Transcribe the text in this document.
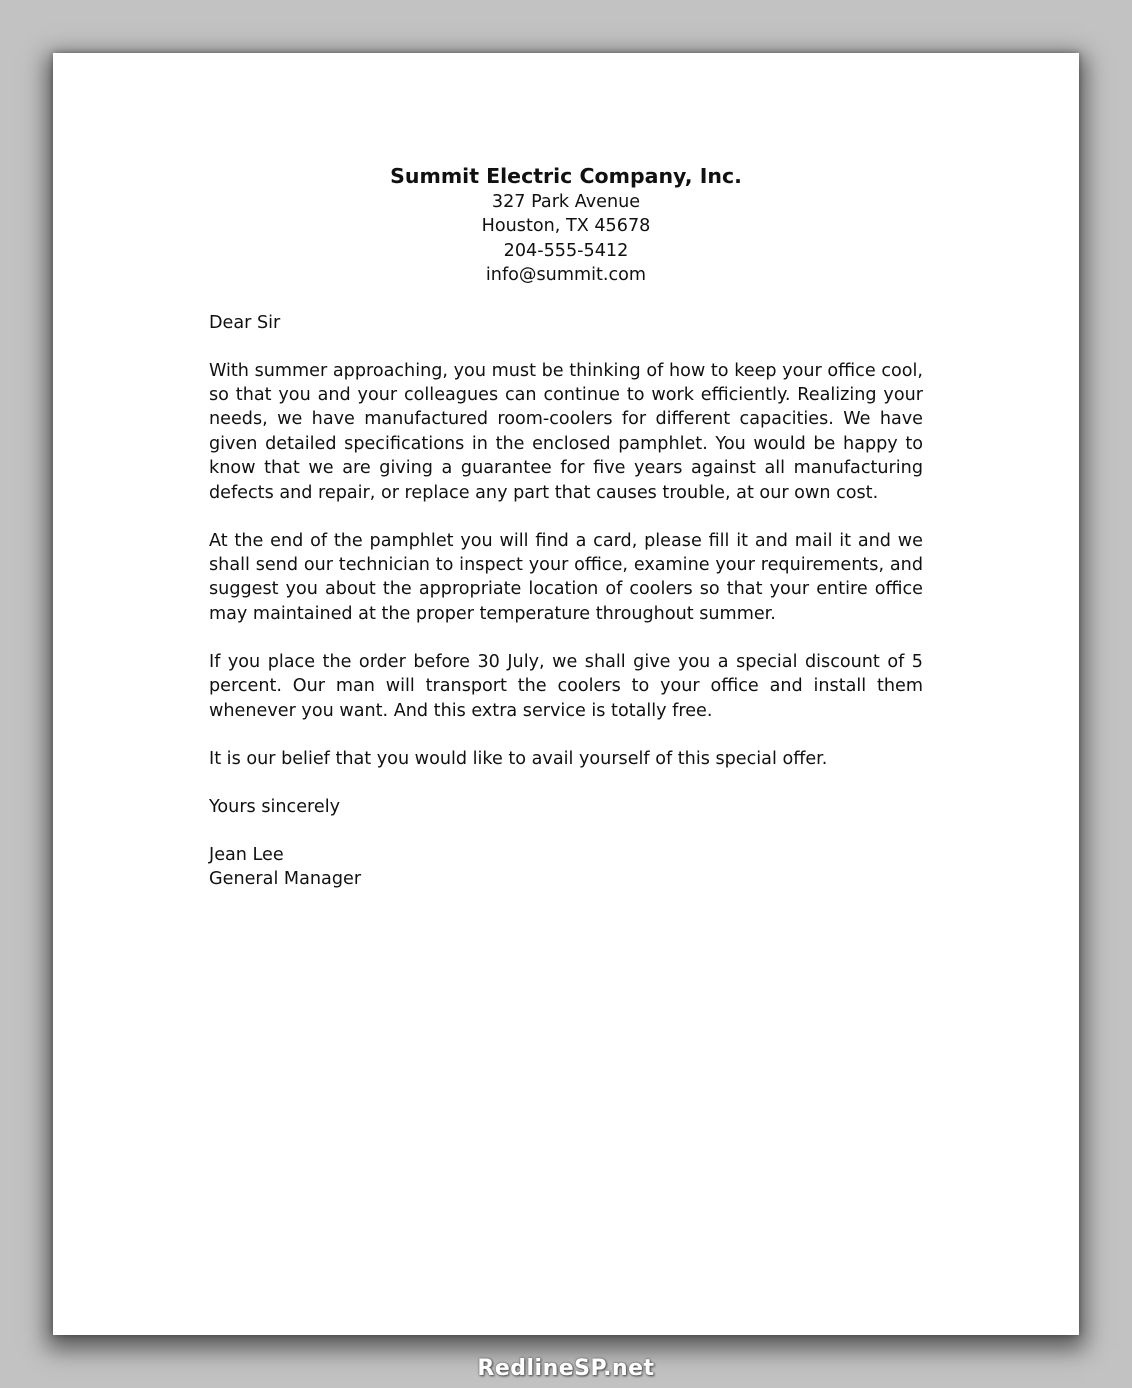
Summit Electric Company, Inc.
327 Park Avenue
Houston, TX 45678
204-555-5412
info@summit.com
Dear Sir

With summer approaching, you must be thinking of how to keep your office cool, so that you and your colleagues can continue to work efficiently. Realizing your needs, we have manufactured room-coolers for different capacities. We have given detailed specifications in the enclosed pamphlet. You would be happy to know that we are giving a guarantee for five years against all manufacturing defects and repair, or replace any part that causes trouble, at our own cost.

At the end of the pamphlet you will find a card, please fill it and mail it and we shall send our technician to inspect your office, examine your requirements, and suggest you about the appropriate location of coolers so that your entire office may maintained at the proper temperature throughout summer.

If you place the order before 30 July, we shall give you a special discount of 5 percent. Our man will transport the coolers to your office and install them whenever you want. And this extra service is totally free.

It is our belief that you would like to avail yourself of this special offer.

Yours sincerely
Jean Lee
General Manager
RedlineSP.net
